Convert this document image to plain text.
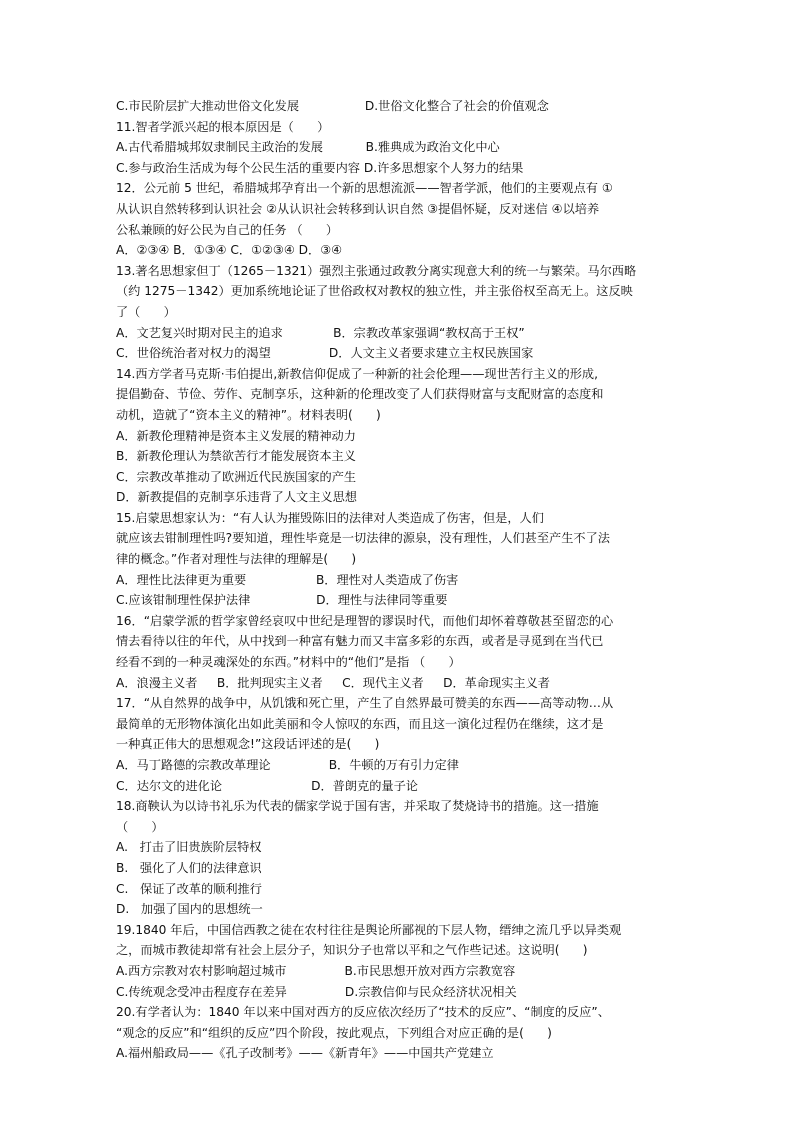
C.市民阶层扩大推动世俗文化发展                 D.世俗文化整合了社会的价值观念
11.智者学派兴起的根本原因是（      ）
A.古代希腊城邦奴隶制民主政治的发展           B.雅典成为政治文化中心
C.参与政治生活成为每个公民生活的重要内容 D.许多思想家个人努力的结果
12．公元前 5 世纪，希腊城邦孕育出一个新的思想流派——智者学派，他们的主要观点有 ①
从认识自然转移到认识社会 ②从认识社会转移到认识自然 ③提倡怀疑，反对迷信 ④以培养
公私兼顾的好公民为自己的任务 （      ）
A．②③④ B．①③④ C．①②③④ D．③④
13.著名思想家但丁（1265－1321）强烈主张通过政教分离实现意大利的统一与繁荣。马尔西略
（约 1275－1342）更加系统地论证了世俗政权对教权的独立性，并主张俗权至高无上。这反映
了（      ）
A．文艺复兴时期对民主的追求             B．宗教改革家强调“教权高于王权”
C．世俗统治者对权力的渴望               D．人文主义者要求建立主权民族国家
14.西方学者马克斯·韦伯提出,新教信仰促成了一种新的社会伦理——现世苦行主义的形成,
提倡勤奋、节俭、劳作、克制享乐，这种新的伦理改变了人们获得财富与支配财富的态度和
动机，造就了“资本主义的精神”。材料表明(      )
A．新教伦理精神是资本主义发展的精神动力
B．新教伦理认为禁欲苦行才能发展资本主义
C．宗教改革推动了欧洲近代民族国家的产生
D．新教提倡的克制享乐违背了人文主义思想
15.启蒙思想家认为：“有人认为摧毁陈旧的法律对人类造成了伤害，但是，人们
就应该去钳制理性吗?要知道，理性毕竟是一切法律的源泉，没有理性，人们甚至产生不了法
律的概念。”作者对理性与法律的理解是(      )
A．理性比法律更为重要                  B．理性对人类造成了伤害
C.应该钳制理性保护法律                 D．理性与法律同等重要
16．“启蒙学派的哲学家曾经哀叹中世纪是理智的谬误时代，而他们却怀着尊敬甚至留恋的心
情去看待以往的年代，从中找到一种富有魅力而又丰富多彩的东西，或者是寻觅到在当代已
经看不到的一种灵魂深处的东西。”材料中的“他们”是指 （      ）
A．浪漫主义者     B．批判现实主义者     C．现代主义者     D．革命现实主义者
17．“从自然界的战争中，从饥饿和死亡里，产生了自然界最可赞美的东西——高等动物…从
最简单的无形物体演化出如此美丽和令人惊叹的东西，而且这一演化过程仍在继续，这才是
一种真正伟大的思想观念!”这段话评述的是(      )
A．马丁路德的宗教改革理论               B．牛顿的万有引力定律
C．达尔文的进化论                       D．普朗克的量子论
18.商鞅认为以诗书礼乐为代表的儒家学说于国有害，并采取了焚烧诗书的措施。这一措施
（      ）
A.   打击了旧贵族阶层特权
B.   强化了人们的法律意识
C.   保证了改革的顺利推行
D.   加强了国内的思想统一
19.1840 年后，中国信西教之徒在农村往往是舆论所鄙视的下层人物，缙绅之流几乎以异类观
之，而城市教徒却常有社会上层分子，知识分子也常以平和之气作些记述。这说明(      )
A.西方宗教对农村影响超过城市               B.市民思想开放对西方宗教宽容
C.传统观念受冲击程度存在差异               D.宗教信仰与民众经济状况相关
20.有学者认为：1840 年以来中国对西方的反应依次经历了“技术的反应”、“制度的反应”、
“观念的反应”和“组织的反应”四个阶段，按此观点，下列组合对应正确的是(      )
A.福州船政局——《孔子改制考》——《新青年》——中国共产党建立
